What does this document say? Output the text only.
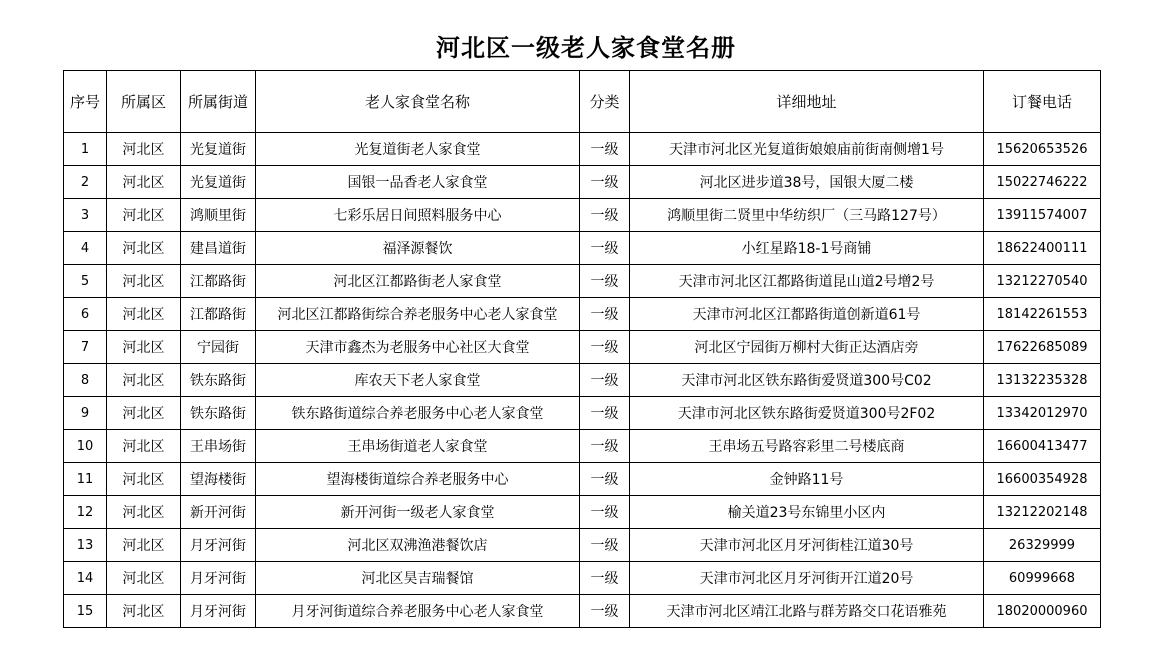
河北区一级老人家食堂名册
序号	所属区	所属街道	老人家食堂名称	分类	详细地址	订餐电话
1	河北区	光复道街	光复道街老人家食堂	一级	天津市河北区光复道街娘娘庙前街南侧增1号	15620653526
2	河北区	光复道街	国银一品香老人家食堂	一级	河北区进步道38号，国银大厦二楼	15022746222
3	河北区	鸿顺里街	七彩乐居日间照料服务中心	一级	鸿顺里街二贤里中华纺织厂（三马路127号）	13911574007
4	河北区	建昌道街	福泽源餐饮	一级	小红星路18-1号商铺	18622400111
5	河北区	江都路街	河北区江都路街老人家食堂	一级	天津市河北区江都路街道昆山道2号增2号	13212270540
6	河北区	江都路街	河北区江都路街综合养老服务中心老人家食堂	一级	天津市河北区江都路街道创新道61号	18142261553
7	河北区	宁园街	天津市鑫杰为老服务中心社区大食堂	一级	河北区宁园街万柳村大街正达酒店旁	17622685089
8	河北区	铁东路街	库农天下老人家食堂	一级	天津市河北区铁东路街爱贤道300号C02	13132235328
9	河北区	铁东路街	铁东路街道综合养老服务中心老人家食堂	一级	天津市河北区铁东路街爱贤道300号2F02	13342012970
10	河北区	王串场街	王串场街道老人家食堂	一级	王串场五号路容彩里二号楼底商	16600413477
11	河北区	望海楼街	望海楼街道综合养老服务中心	一级	金钟路11号	16600354928
12	河北区	新开河街	新开河街一级老人家食堂	一级	榆关道23号东锦里小区内	13212202148
13	河北区	月牙河街	河北区双沸渔港餐饮店	一级	天津市河北区月牙河街桂江道30号	26329999
14	河北区	月牙河街	河北区昊吉瑞餐馆	一级	天津市河北区月牙河街开江道20号	60999668
15	河北区	月牙河街	月牙河街道综合养老服务中心老人家食堂	一级	天津市河北区靖江北路与群芳路交口花语雅苑	18020000960
